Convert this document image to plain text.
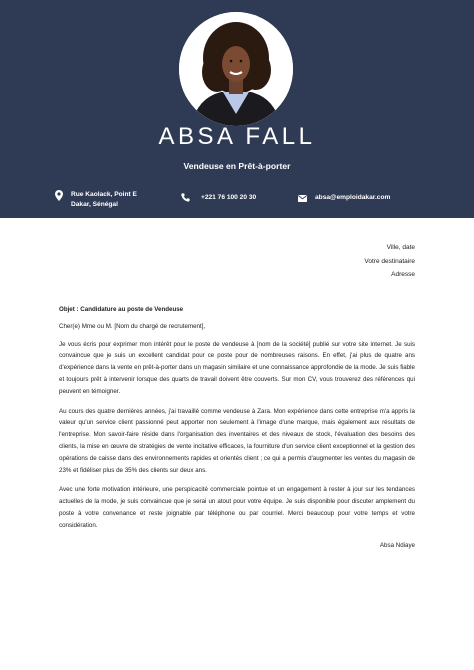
ABSA FALL

Vendeuse en Prêt-à-porter

Rue Kaolack, Point E
Dakar, Sénégal
+221 76 100 20 30	absa@emploidakar.com
Ville, date
Votre destinataire
Adresse

Objet : Candidature au poste de Vendeuse

Cher(e) Mme ou M. [Nom du chargé de recrutement],

Je vous écris pour exprimer mon intérêt pour le poste de vendeuse à [nom de la société] publié sur votre site internet. Je suis convaincue que je suis un excellent candidat pour ce poste pour de nombreuses raisons. En effet, j'ai plus de quatre ans d'expérience dans la vente en prêt-à-porter dans un magasin similaire et une connaissance approfondie de la mode. Je suis fiable et toujours prêt à intervenir lorsque des quarts de travail doivent être couverts. Sur mon CV, vous trouverez des références qui peuvent en témoigner.

Au cours des quatre dernières années, j'ai travaillé comme vendeuse à Zara. Mon expérience dans cette entreprise m'a appris la valeur qu'un service client passionné peut apporter non seulement à l'image d'une marque, mais également aux résultats de l'entreprise. Mon savoir-faire réside dans l'organisation des inventaires et des niveaux de stock, l'évaluation des besoins des clients, la mise en œuvre de stratégies de vente incitative efficaces, la fourniture d'un service client exceptionnel et la gestion des opérations de caisse dans des environnements rapides et orientés client ; ce qui a permis d'augmenter les ventes du magasin de 23% et fidéliser plus de 35% des clients sur deux ans.

Avec une forte motivation intérieure, une perspicacité commerciale pointue et un engagement à rester à jour sur les tendances actuelles de la mode, je suis convaincue que je serai un atout pour votre équipe. Je suis disponible pour discuter amplement du poste à votre convenance et reste joignable par téléphone ou par courriel. Merci beaucoup pour votre temps et votre considération.

Absa Ndiaye
